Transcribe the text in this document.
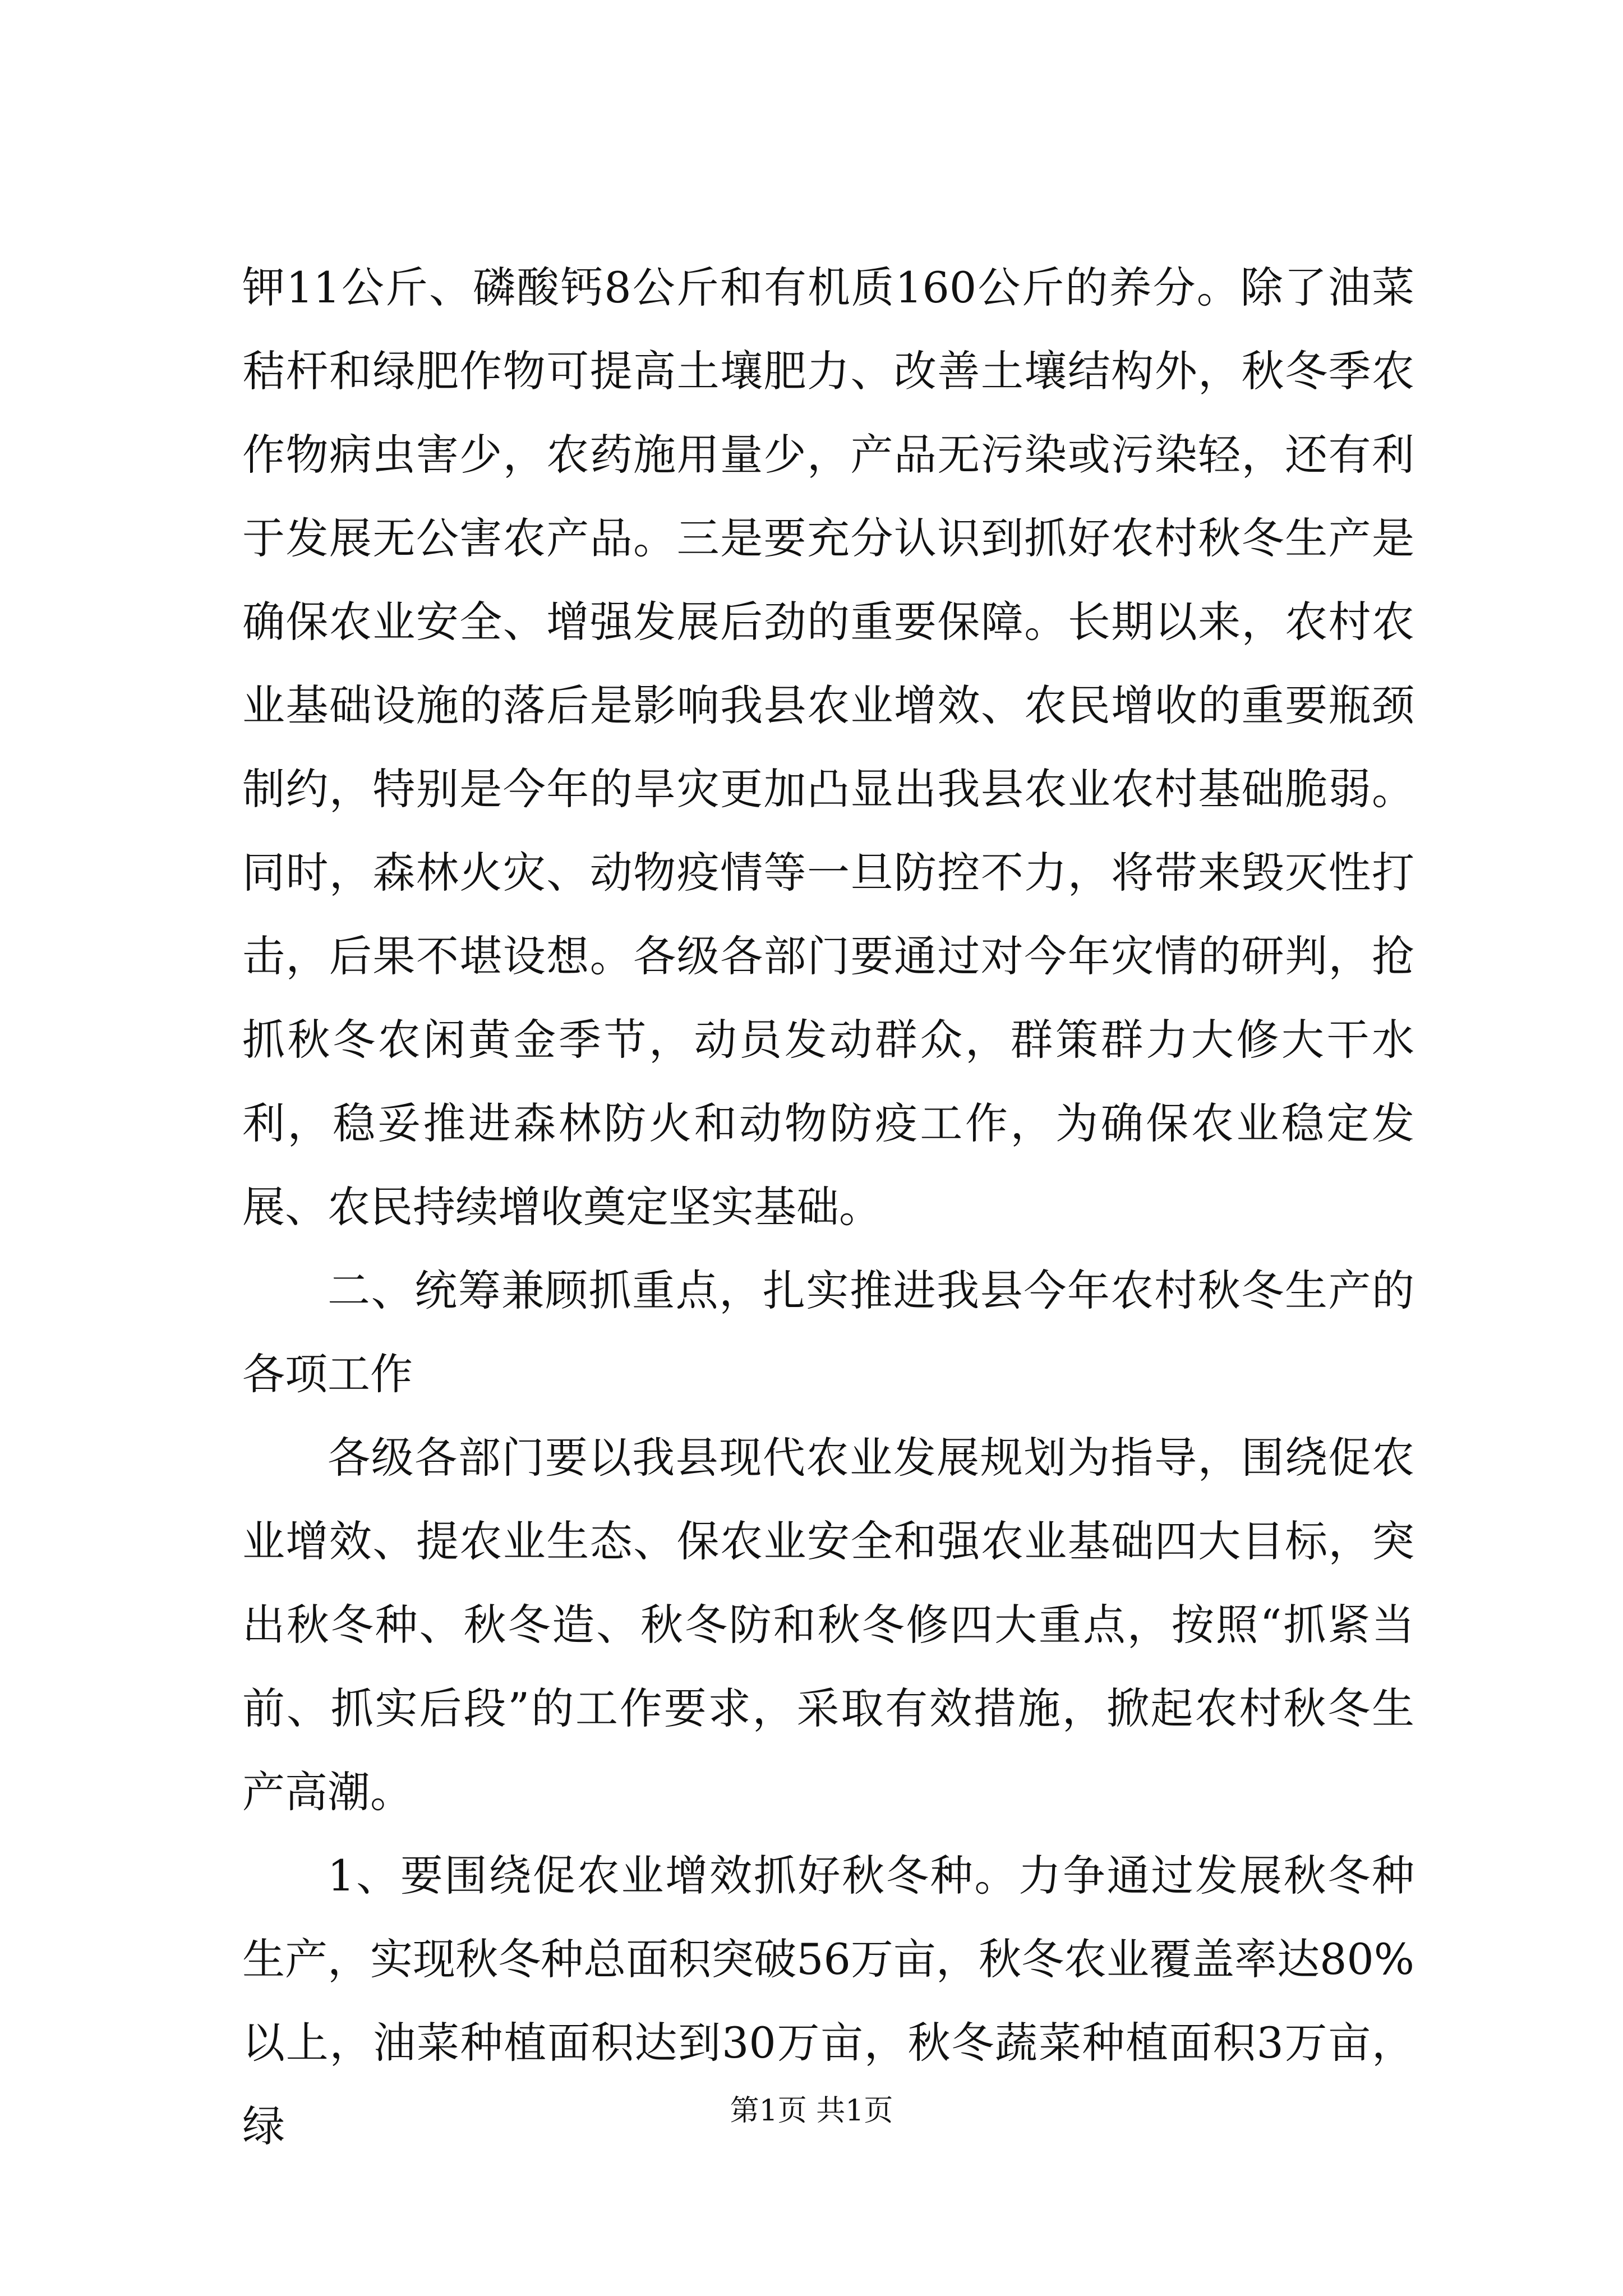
钾11公斤、磷酸钙8公斤和有机质160公斤的养分。除了油菜秸杆和绿肥作物可提高土壤肥力、改善土壤结构外，秋冬季农作物病虫害少，农药施用量少，产品无污染或污染轻，还有利于发展无公害农产品。三是要充分认识到抓好农村秋冬生产是确保农业安全、增强发展后劲的重要保障。长期以来，农村农业基础设施的落后是影响我县农业增效、农民增收的重要瓶颈制约，特别是今年的旱灾更加凸显出我县农业农村基础脆弱。同时，森林火灾、动物疫情等一旦防控不力，将带来毁灭性打击，后果不堪设想。各级各部门要通过对今年灾情的研判，抢抓秋冬农闲黄金季节，动员发动群众，群策群力大修大干水利，稳妥推进森林防火和动物防疫工作，为确保农业稳定发展、农民持续增收奠定坚实基础。

二、统筹兼顾抓重点，扎实推进我县今年农村秋冬生产的各项工作

各级各部门要以我县现代农业发展规划为指导，围绕促农业增效、提农业生态、保农业安全和强农业基础四大目标，突出秋冬种、秋冬造、秋冬防和秋冬修四大重点，按照“抓紧当前、抓实后段”的工作要求，采取有效措施，掀起农村秋冬生产高潮。

1、要围绕促农业增效抓好秋冬种。力争通过发展秋冬种生产，实现秋冬种总面积突破56万亩，秋冬农业覆盖率达80%以上，油菜种植面积达到30万亩，秋冬蔬菜种植面积3万亩，绿	第1页 共1页
